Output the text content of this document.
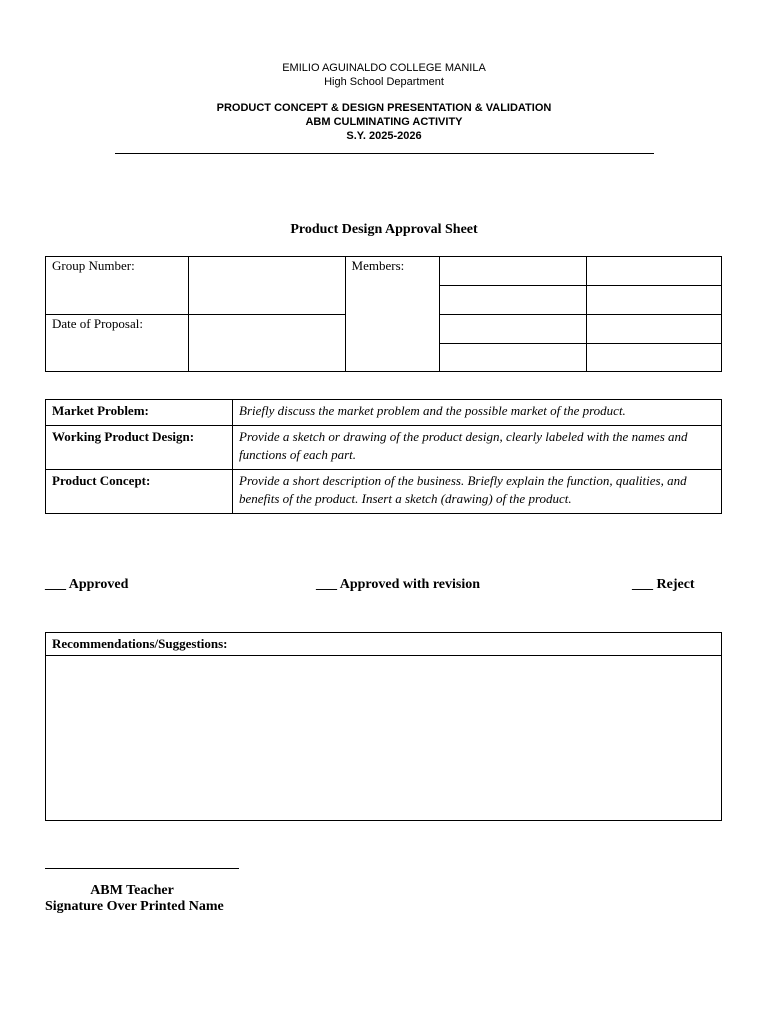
EMILIO AGUINALDO COLLEGE MANILA
High School Department
PRODUCT CONCEPT & DESIGN PRESENTATION & VALIDATION
ABM CULMINATING ACTIVITY
S.Y. 2025-2026
Product Design Approval Sheet
Group Number:		Members:		

Date of Proposal:				

Market Problem:	Briefly discuss the market problem and the possible market of the product.
Working Product Design:	Provide a sketch or drawing of the product design, clearly labeled with the names and functions of each part.
Product Concept:	Provide a short description of the business. Briefly explain the function, qualities, and benefits of the product. Insert a sketch (drawing) of the product.
___ Approved	___ Approved with revision	___ Reject
Recommendations/Suggestions:

ABM Teacher
Signature Over Printed Name
